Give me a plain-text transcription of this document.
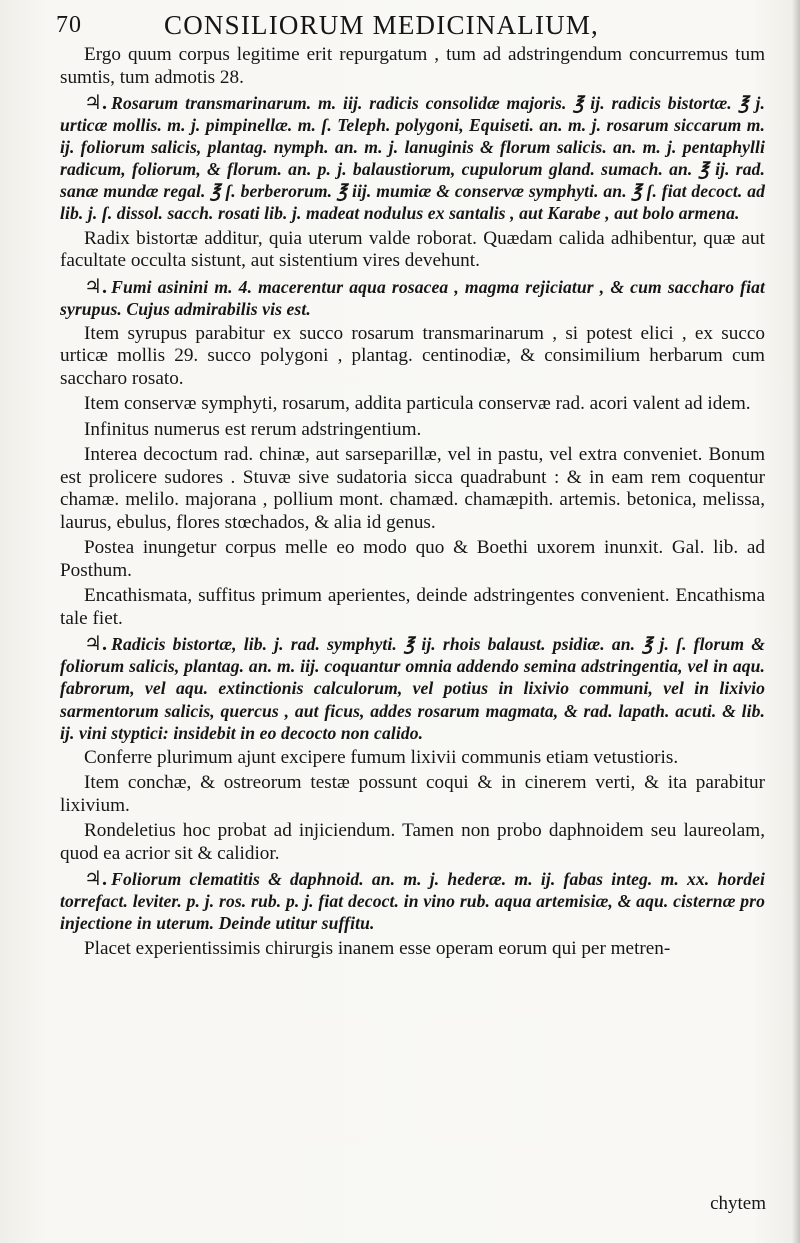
70	CONSILIORUM MEDICINALIUM,

Ergo quum corpus legitime erit repurgatum , tum ad adstringendum concurremus tum sumtis, tum admotis 28.

♃. Rosarum transmarinarum. m. iij. radicis consolidæ majoris. ℥ ij. radicis bistortæ. ℥ j. urticæ mollis. m. j. pimpinellæ. m. ſ. Teleph. polygoni, Equiseti. an. m. j. rosarum siccarum m. ij. foliorum salicis, plantag. nymph. an. m. j. lanuginis & florum salicis. an. m. j. pentaphylli radicum, foliorum, & florum. an. p. j. balaustiorum, cupulorum gland. sumach. an. ℥ ij. rad. sanæ mundæ regal. ℥ ſ. berberorum. ℥ iij. mumiæ & conservæ symphyti. an. ℥ ſ. fiat decoct. ad lib. j. ſ. dissol. sacch. rosati lib. j. madeat nodulus ex santalis , aut Karabe , aut bolo armena.

Radix bistortæ additur, quia uterum valde roborat. Quædam calida adhibentur, quæ aut facultate occulta sistunt, aut sistentium vires devehunt.

♃. Fumi asinini m. 4. macerentur aqua rosacea , magma rejiciatur , & cum saccharo fiat syrupus. Cujus admirabilis vis est.

Item syrupus parabitur ex succo rosarum transmarinarum , si potest elici , ex succo urticæ mollis 29. succo polygoni , plantag. centinodiæ, & consimilium herbarum cum saccharo rosato.

Item conservæ symphyti, rosarum, addita particula conservæ rad. acori valent ad idem.

Infinitus numerus est rerum adstringentium.

Interea decoctum rad. chinæ, aut sarseparillæ, vel in pastu, vel extra conveniet. Bonum est prolicere sudores . Stuvæ sive sudatoria sicca quadrabunt : & in eam rem coquentur chamæ. melilo. majorana , pollium mont. chamæd. chamæpith. artemis. betonica, melissa, laurus, ebulus, flores stœchados, & alia id genus.

Postea inungetur corpus melle eo modo quo & Boethi uxorem inunxit. Gal. lib. ad Posthum.

Encathismata, suffitus primum aperientes, deinde adstringentes convenient. Encathisma tale fiet.

♃. Radicis bistortæ, lib. j. rad. symphyti. ℥ ij. rhois balaust. psidiæ. an. ℥ j. ſ. florum & foliorum salicis, plantag. an. m. iij. coquantur omnia addendo semina adstringentia, vel in aqu. fabrorum, vel aqu. extinctionis calculorum, vel potius in lixivio communi, vel in lixivio sarmentorum salicis, quercus , aut ficus, addes rosarum magmata, & rad. lapath. acuti. & lib. ij. vini styptici: insidebit in eo decocto non calido.

Conferre plurimum ajunt excipere fumum lixivii communis etiam vetustioris.

Item conchæ, & ostreorum testæ possunt coqui & in cinerem verti, & ita parabitur lixivium.

Rondeletius hoc probat ad injiciendum. Tamen non probo daphnoidem seu laureolam, quod ea acrior sit & calidior.

♃. Foliorum clematitis & daphnoid. an. m. j. hederæ. m. ij. fabas integ. m. xx. hordei torrefact. leviter. p. j. ros. rub. p. j. fiat decoct. in vino rub. aqua artemisiæ, & aqu. cisternæ pro injectione in uterum. Deinde utitur suffitu.

Placet experientissimis chirurgis inanem esse operam eorum qui per metren-

chytem
